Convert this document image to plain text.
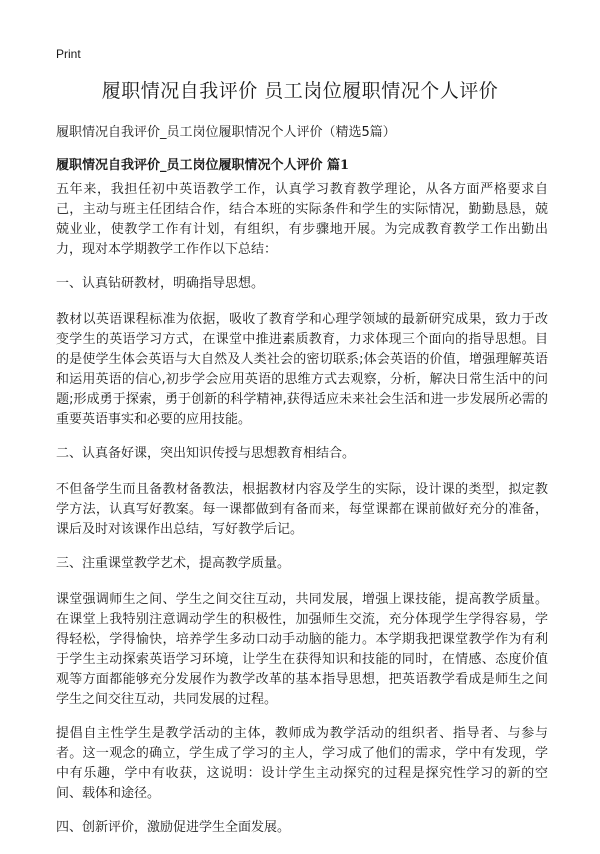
Print
履职情况自我评价 员工岗位履职情况个人评价

履职情况自我评价_员工岗位履职情况个人评价（精选5篇）

履职情况自我评价_员工岗位履职情况个人评价 篇1

五年来，我担任初中英语教学工作，认真学习教育教学理论，从各方面严格要求自己，主动与班主任团结合作，结合本班的实际条件和学生的实际情况，勤勤恳恳，兢兢业业，使教学工作有计划，有组织，有步骤地开展。为完成教育教学工作出勤出力，现对本学期教学工作作以下总结：

一、认真钻研教材，明确指导思想。

教材以英语课程标准为依据，吸收了教育学和心理学领域的最新研究成果，致力于改变学生的英语学习方式，在课堂中推进素质教育，力求体现三个面向的指导思想。目的是使学生体会英语与大自然及人类社会的密切联系;体会英语的价值，增强理解英语和运用英语的信心,初步学会应用英语的思维方式去观察，分析，解决日常生活中的问题;形成勇于探索，勇于创新的科学精神,获得适应未来社会生活和进一步发展所必需的重要英语事实和必要的应用技能。

二、认真备好课，突出知识传授与思想教育相结合。

不但备学生而且备教材备教法，根据教材内容及学生的实际，设计课的类型，拟定教学方法，认真写好教案。每一课都做到有备而来，每堂课都在课前做好充分的准备，课后及时对该课作出总结，写好教学后记。

三、注重课堂教学艺术，提高教学质量。

课堂强调师生之间、学生之间交往互动，共同发展，增强上课技能，提高教学质量。在课堂上我特别注意调动学生的积极性，加强师生交流，充分体现学生学得容易，学得轻松，学得愉快，培养学生多动口动手动脑的能力。本学期我把课堂教学作为有利于学生主动探索英语学习环境，让学生在获得知识和技能的同时，在情感、态度价值观等方面都能够充分发展作为教学改革的基本指导思想，把英语教学看成是师生之间学生之间交往互动，共同发展的过程。

提倡自主性学生是教学活动的主体，教师成为教学活动的组织者、指导者、与参与者。这一观念的确立，学生成了学习的主人，学习成了他们的需求，学中有发现，学中有乐趣，学中有收获，这说明：设计学生主动探究的过程是探究性学习的新的空间、载体和途径。

四、创新评价，激励促进学生全面发展。
